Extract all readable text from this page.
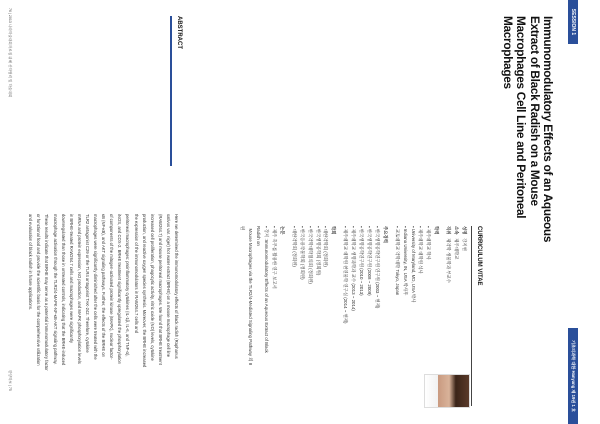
SESSION 1
기초의과학 대한 Hanyang 제 19권 1 호
Immunomodulatory Effects of an Aqueous
Extract of Black Radish on a Mouse
Macrophages Cell Line and Peritoneal
Macrophages
CURRICULUM VITAE
성명   강지현
소속   제주대학교
직위   제약학 생물학과 부교수
학력
▪ 제주대학교 학사
▪ 제주대학교 대학원 석사
▪ University of Maryland, MD, USA 박사
▪ Indiana University, IN, USA 박사후
▪ 교토대학교 약학대학 Tokyo, Japan
주요경력
▪ 한국생명공학연구원 연구원 (2003 ~ 현재)
▪ 한국생명공학연구원 (2008 ~ 2009)
▪ 한국생명공학연구원 (2010 ~ 2013)
▪ 제주대학교 생명과학과 교수 (2013 ~ 2014)
▪ 제주대학교 대학원 천연물학 연구실 (2014 ~ 현재)
학회
▪ 대한약학회 (정회원)
▪ 한국생명공학회 (정회원)
▪ 한국약학대학협의회 (정회원)
▪ 한국응용약물학회 (정회원)
▪ 대한약학회 (정회원)
논문
▪ 제주 흑무를 활용한 연구 보고서
▪ 강지 :Immunomodulatory Effects of an Aqueous Extract of Black Radish on
Mouse Macrophages via the TLR2/4-Mediated Signaling Pathway 외 8편
ABSTRACT
Here we determined the immunomodulatory effects of black radish (Raphanus
sativus var. niger) hot water extract (BRHE) on a mouse macrophage cell line
(RAW264.7) and mouse peritoneal macrophages. We found that BRHE treatment
increased cell proliferation, phagocytic activity, nitric oxide (NO) levels, cytokine
production, and reactive oxygen species synthesis. Moreover, the BRHE increased
the expression of the immunomodulators in RAW264.7 cells and
peritoneal macrophages: proinflammatory cytokines (IL-1β, IL-6, and TNF-α),
iNOS, and COX-2. BRHE treatment significantly upregulated the phosphorylation
of components of the mitogen-activated protein kinase (MAPK), nuclear factor-
κB (NF-κB), and AKT signaling pathways. Further, the effects of the BRHE on
macrophages were significantly diminished after the cells were treated with the
TLR2 antagonist C29 or the TLR4 antagonist TAK-242. Therefore, cytokine
mRNA and protein expression, NO production, and MAPK phosphorylation levels
in BRHE-treated RAW264.7 cells and macrophages were significantly
downregulated than those in untreated controls, indicating that the BRHE-induced
macrophage activation through the TLR2/4-MAPK-NF-κB-AKT signaling pathway.
These results indicate that BRHE may serve as a potential immunomodulatory factor
or functional food and provide the scientific basis for the comprehensive utilization
and evaluation of black radish in future applications.
76 | 2013 나라학술대회자료집 위해 산학협력 및 학술대회
한양학보 | 75
